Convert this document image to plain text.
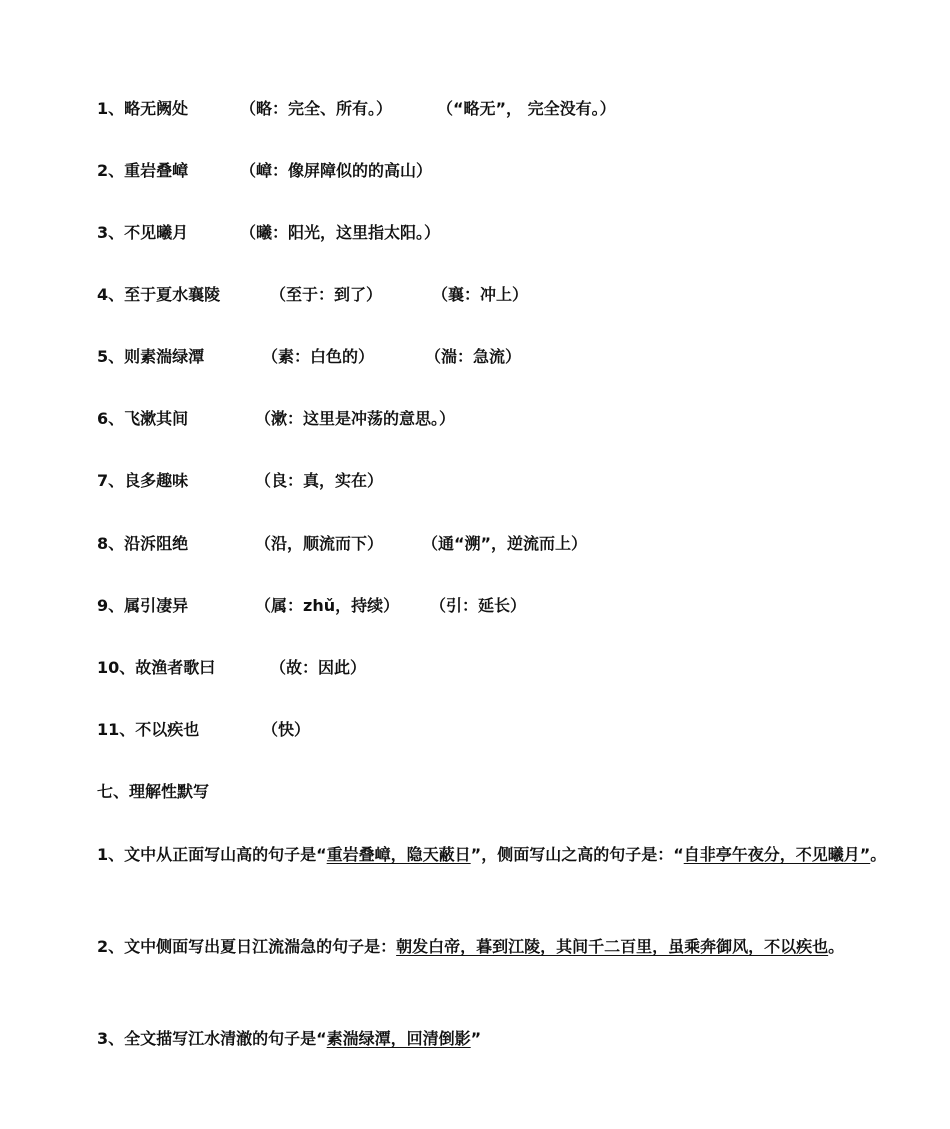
1、略无阙处	（略：完全、所有。）	（“略无”， 完全没有。）
2、重岩叠嶂	（嶂：像屏障似的的高山）
3、不见曦月	（曦：阳光，这里指太阳。）
4、至于夏水襄陵	（至于：到了）	（襄：冲上）
5、则素湍绿潭	（素：白色的）	（湍：急流）
6、飞漱其间	（漱：这里是冲荡的意思。）
7、良多趣味	（良：真，实在）
8、沿泝阻绝	（沿，顺流而下） （通“溯”，逆流而上）
9、属引凄异	（属：zhǔ，持续） （引：延长）
10、故渔者歌曰	（故：因此）
11、不以疾也	（快）
七、理解性默写
1、文中从正面写山高的句子是“重岩叠嶂，隐天蔽日”，侧面写山之高的句子是：“自非亭午夜分，不见曦月”。
2、文中侧面写出夏日江流湍急的句子是：朝发白帝，暮到江陵，其间千二百里，虽乘奔御风，不以疾也。
3、全文描写江水清澈的句子是“素湍绿潭，回清倒影”
